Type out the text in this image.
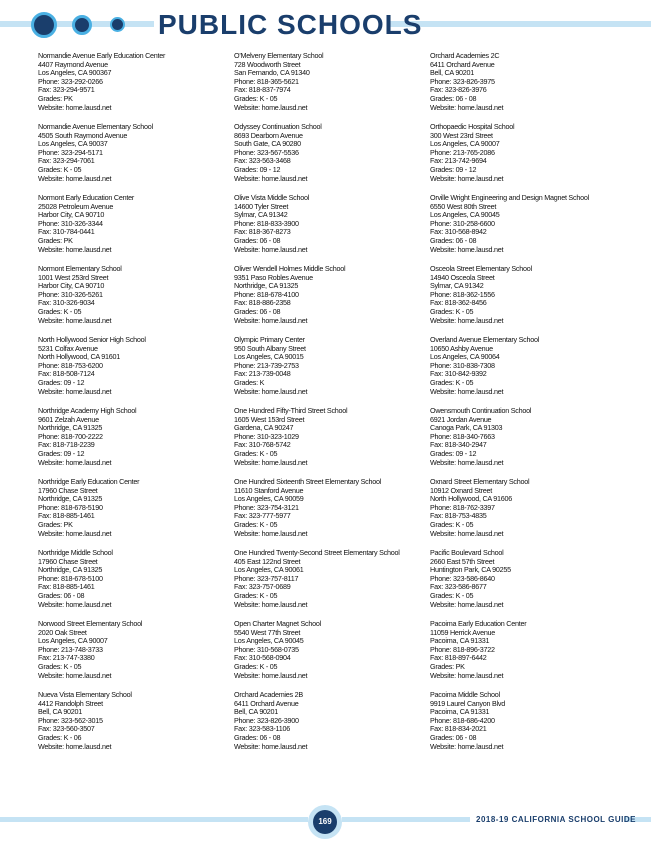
PUBLIC SCHOOLS
Normandie Avenue Early Education Center
4407 Raymond Avenue
Los Angeles, CA 900367
Phone: 323-292-0266
Fax: 323-294-9571
Grades: PK
Website: home.lausd.net
Normandie Avenue Elementary School
4505 South Raymond Avenue
Los Angeles, CA 90037
Phone: 323-294-5171
Fax: 323-294-7061
Grades: K - 05
Website: home.lausd.net
Normont Early Education Center
25028 Petroleum Avenue
Harbor City, CA 90710
Phone: 310-326-3344
Fax: 310-784-0441
Grades: PK
Website: home.lausd.net
Normont Elementary School
1001 West 253rd Street
Harbor City, CA 90710
Phone: 310-326-5261
Fax: 310-326-9034
Grades: K - 05
Website: home.lausd.net
North Hollywood Senior High School
5231 Colfax Avenue
North Hollywood, CA 91601
Phone: 818-753-6200
Fax: 818-508-7124
Grades: 09 - 12
Website: home.lausd.net
Northridge Academy High School
9601 Zelzah Avenue
Northridge, CA 91325
Phone: 818-700-2222
Fax: 818-718-2239
Grades: 09 - 12
Website: home.lausd.net
Northridge Early Education Center
17960 Chase Street
Northridge, CA 91325
Phone: 818-678-5190
Fax: 818-885-1461
Grades: PK
Website: home.lausd.net
Northridge Middle School
17960 Chase Street
Northridge, CA 91325
Phone: 818-678-5100
Fax: 818-885-1461
Grades: 06 - 08
Website: home.lausd.net
Norwood Street Elementary School
2020 Oak Street
Los Angeles, CA 90007
Phone: 213-748-3733
Fax: 213-747-3380
Grades: K - 05
Website: home.lausd.net
Nueva Vista Elementary School
4412 Randolph Street
Bell, CA 90201
Phone: 323-562-3015
Fax: 323-560-3507
Grades: K - 06
Website: home.lausd.net
O'Melveny Elementary School
728 Woodworth Street
San Fernando, CA 91340
Phone: 818-365-5621
Fax: 818-837-7974
Grades: K - 05
Website: home.lausd.net
Odyssey Continuation School
8693 Dearborn Avenue
South Gate, CA 90280
Phone: 323-567-5536
Fax: 323-563-3468
Grades: 09 - 12
Website: home.lausd.net
Olive Vista Middle School
14600 Tyler Street
Sylmar, CA 91342
Phone: 818-833-3900
Fax: 818-367-8273
Grades: 06 - 08
Website: home.lausd.net
Oliver Wendell Holmes Middle School
9351 Paso Robles Avenue
Northridge, CA 91325
Phone: 818-678-4100
Fax: 818-886-2358
Grades: 06 - 08
Website: home.lausd.net
Olympic Primary Center
950 South Albany Street
Los Angeles, CA 90015
Phone: 213-739-2753
Fax: 213-739-0048
Grades: K
Website: home.lausd.net
One Hundred Fifty-Third Street School
1605 West 153rd Street
Gardena, CA 90247
Phone: 310-323-1029
Fax: 310-768-5742
Grades: K - 05
Website: home.lausd.net
One Hundred Sixteenth Street Elementary School
11610 Stanford Avenue
Los Angeles, CA 90059
Phone: 323-754-3121
Fax: 323-777-5977
Grades: K - 05
Website: home.lausd.net
One Hundred Twenty-Second Street Elementary School
405 East 122nd Street
Los Angeles, CA 90061
Phone: 323-757-8117
Fax: 323-757-0689
Grades: K - 05
Website: home.lausd.net
Open Charter Magnet School
5540 West 77th Street
Los Angeles, CA 90045
Phone: 310-568-0735
Fax: 310-568-0904
Grades: K - 05
Website: home.lausd.net
Orchard Academies 2B
6411 Orchard Avenue
Bell, CA 90201
Phone: 323-826-3900
Fax: 323-583-1106
Grades: 06 - 08
Website: home.lausd.net
Orchard Academies 2C
6411 Orchard Avenue
Bell, CA 90201
Phone: 323-826-3975
Fax: 323-826-3976
Grades: 06 - 08
Website: home.lausd.net
Orthopaedic Hospital School
300 West 23rd Street
Los Angeles, CA 90007
Phone: 213-765-2086
Fax: 213-742-9694
Grades: 09 - 12
Website: home.lausd.net
Orville Wright Engineering and Design Magnet School
6550 West 80th Street
Los Angeles, CA 90045
Phone: 310-258-6600
Fax: 310-568-8942
Grades: 06 - 08
Website: home.lausd.net
Osceola Street Elementary School
14940 Osceola Street
Sylmar, CA 91342
Phone: 818-362-1556
Fax: 818-362-8456
Grades: K - 05
Website: home.lausd.net
Overland Avenue Elementary School
10650 Ashby Avenue
Los Angeles, CA 90064
Phone: 310-838-7308
Fax: 310-842-9392
Grades: K - 05
Website: home.lausd.net
Owensmouth Continuation School
6921 Jordan Avenue
Canoga Park, CA 91303
Phone: 818-340-7663
Fax: 818-340-2947
Grades: 09 - 12
Website: home.lausd.net
Oxnard Street Elementary School
10912 Oxnard Street
North Hollywood, CA 91606
Phone: 818-762-3397
Fax: 818-753-4835
Grades: K - 05
Website: home.lausd.net
Pacific Boulevard School
2660 East 57th Street
Huntington Park, CA 90255
Phone: 323-586-8640
Fax: 323-586-8677
Grades: K - 05
Website: home.lausd.net
Pacoima Early Education Center
11059 Herrick Avenue
Pacoima, CA 91331
Phone: 818-896-3722
Fax: 818-897-6442
Grades: PK
Website: home.lausd.net
Pacoima Middle School
9919 Laurel Canyon Blvd
Pacoima, CA 91331
Phone: 818-686-4200
Fax: 818-834-2021
Grades: 06 - 08
Website: home.lausd.net
169	2018-19 CALIFORNIA SCHOOL GUIDE
